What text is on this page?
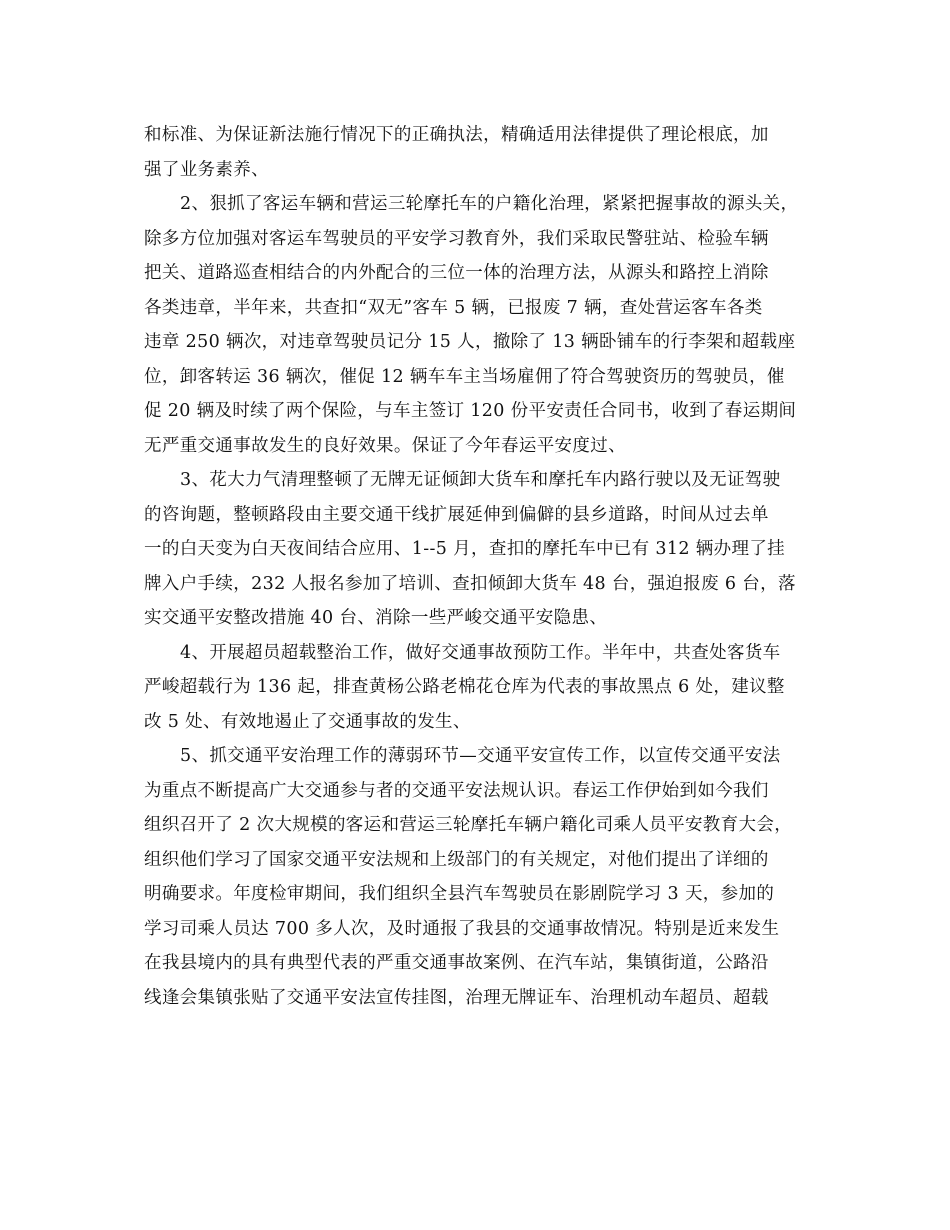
和标准、为保证新法施行情况下的正确执法，精确适用法律提供了理论根底，加
强了业务素养、
2、狠抓了客运车辆和营运三轮摩托车的户籍化治理，紧紧把握事故的源头关，
除多方位加强对客运车驾驶员的平安学习教育外，我们采取民警驻站、检验车辆
把关、道路巡查相结合的内外配合的三位一体的治理方法，从源头和路控上消除
各类违章，半年来，共查扣“双无”客车 5 辆，已报废 7 辆，查处营运客车各类
违章 250 辆次，对违章驾驶员记分 15 人，撤除了 13 辆卧铺车的行李架和超载座
位，卸客转运 36 辆次，催促 12 辆车车主当场雇佣了符合驾驶资历的驾驶员，催
促 20 辆及时续了两个保险，与车主签订 120 份平安责任合同书，收到了春运期间
无严重交通事故发生的良好效果。保证了今年春运平安度过、
3、花大力气清理整顿了无牌无证倾卸大货车和摩托车内路行驶以及无证驾驶
的咨询题，整顿路段由主要交通干线扩展延伸到偏僻的县乡道路，时间从过去单
一的白天变为白天夜间结合应用、1--5 月，查扣的摩托车中已有 312 辆办理了挂
牌入户手续，232 人报名参加了培训、查扣倾卸大货车 48 台，强迫报废 6 台，落
实交通平安整改措施 40 台、消除一些严峻交通平安隐患、
4、开展超员超载整治工作，做好交通事故预防工作。半年中，共查处客货车
严峻超载行为 136 起，排查黄杨公路老棉花仓库为代表的事故黑点 6 处，建议整
改 5 处、有效地遏止了交通事故的发生、
5、抓交通平安治理工作的薄弱环节—交通平安宣传工作，以宣传交通平安法
为重点不断提高广大交通参与者的交通平安法规认识。春运工作伊始到如今我们
组织召开了 2 次大规模的客运和营运三轮摩托车辆户籍化司乘人员平安教育大会，
组织他们学习了国家交通平安法规和上级部门的有关规定，对他们提出了详细的
明确要求。年度检审期间，我们组织全县汽车驾驶员在影剧院学习 3 天，参加的
学习司乘人员达 700 多人次，及时通报了我县的交通事故情况。特别是近来发生
在我县境内的具有典型代表的严重交通事故案例、在汽车站，集镇街道，公路沿
线逢会集镇张贴了交通平安法宣传挂图，治理无牌证车、治理机动车超员、超载
